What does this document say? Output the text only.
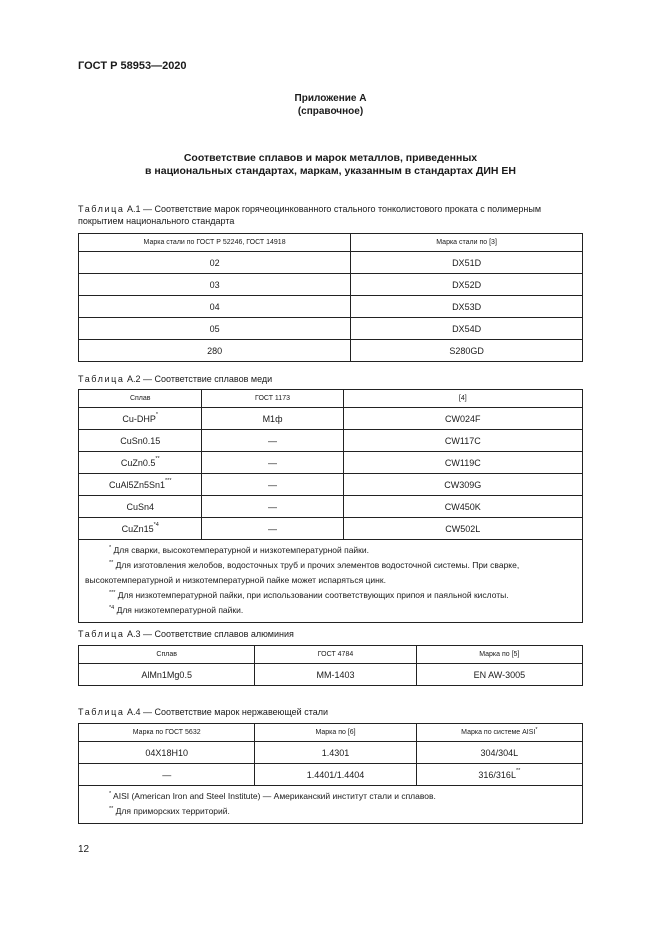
ГОСТ Р 58953—2020
Приложение А
(справочное)
Соответствие сплавов и марок металлов, приведенных
в национальных стандартах, маркам, указанным в стандартах ДИН ЕН
Таблица А.1 — Соответствие марок горячеоцинкованного стального тонколистового проката с полимерным покрытием национального стандарта
Марка стали по ГОСТ Р 52246, ГОСТ 14918	Марка стали по [3]
02	DX51D
03	DX52D
04	DX53D
05	DX54D
280	S280GD
Таблица А.2 — Соответствие сплавов меди
Сплав	ГОСТ 1173	[4]
Cu-DHP*	М1ф	CW024F
CuSn0.15	—	CW117C
CuZn0.5**	—	CW119C
CuAl5Zn5Sn1***	—	CW309G
CuSn4	—	CW450K
CuZn15$^{*4}$	—	CW502L

* Для сварки, высокотемпературной и низкотемпературной пайки.
** Для изготовления желобов, водосточных труб и прочих элементов водосточной системы. При сварке, высокотемпературной и низкотемпературной пайке может испаряться цинк.
*** Для низкотемпературной пайки, при использовании соответствующих припоя и паяльной кислоты.
$^{*4}$ Для низкотемпературной пайки.		
Таблица А.3 — Соответствие сплавов алюминия
Сплав	ГОСТ 4784	Марка по [5]
AlMn1Mg0.5	ММ-1403	EN AW-3005
Таблица А.4 — Соответствие марок нержавеющей стали
Марка по ГОСТ 5632	Марка по [6]	Марка по системе AISI*
04Х18Н10	1.4301	304/304L
—	1.4401/1.4404	316/316L**

* AISI (American Iron and Steel Institute) — Американский институт стали и сплавов.
** Для приморских территорий.		
12
